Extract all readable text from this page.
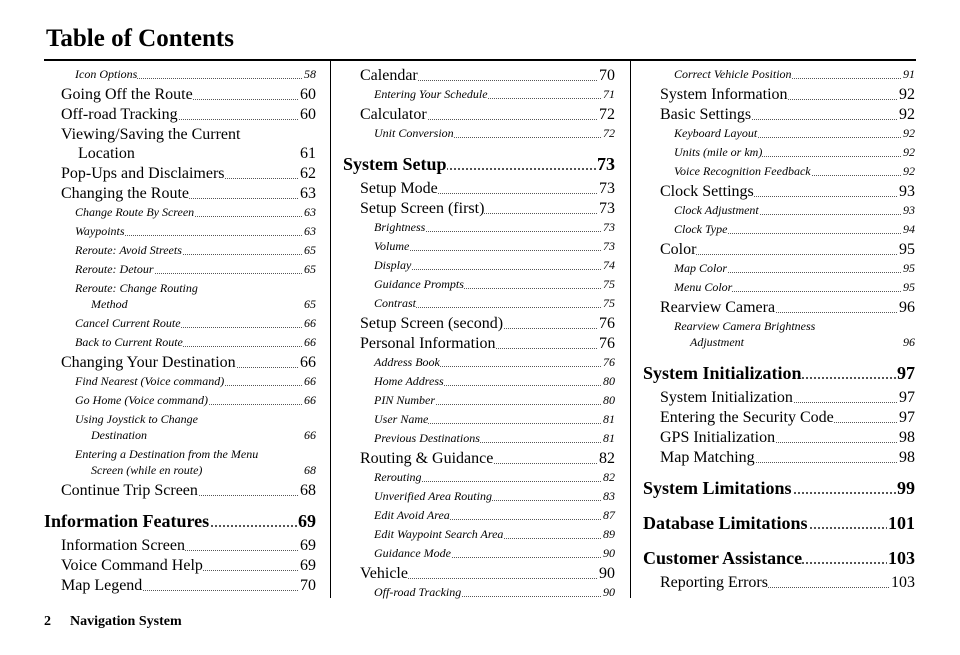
Table of Contents
Icon Options	58
Going Off the Route	60
Off-road Tracking	60
Viewing/Saving the Current
Location	61
Pop-Ups and Disclaimers	62
Changing the Route	63
Change Route By Screen	63
Waypoints	63
Reroute: Avoid Streets	65
Reroute: Detour	65
Reroute: Change Routing
Method	65
Cancel Current Route	66
Back to Current Route	66
Changing Your Destination	66
Find Nearest (Voice command)	66
Go Home (Voice command)	66
Using Joystick to Change
Destination	66
Entering a Destination from the Menu
Screen (while en route)	68
Continue Trip Screen	68
Information Features	69
Information Screen	69
Voice Command Help	69
Map Legend	70
Calendar	70
Entering Your Schedule	71
Calculator	72
Unit Conversion	72
System Setup	73
Setup Mode	73
Setup Screen (first)	73
Brightness	73
Volume	73
Display	74
Guidance Prompts	75
Contrast	75
Setup Screen (second)	76
Personal Information	76
Address Book	76
Home Address	80
PIN Number	80
User Name	81
Previous Destinations	81
Routing & Guidance	82
Rerouting	82
Unverified Area Routing	83
Edit Avoid Area	87
Edit Waypoint Search Area	89
Guidance Mode	90
Vehicle	90
Off-road Tracking	90
Correct Vehicle Position	91
System Information	92
Basic Settings	92
Keyboard Layout	92
Units (mile or km)	92
Voice Recognition Feedback	92
Clock Settings	93
Clock Adjustment	93
Clock Type	94
Color	95
Map Color	95
Menu Color	95
Rearview Camera	96
Rearview Camera Brightness
Adjustment	96
System Initialization	97
System Initialization	97
Entering the Security Code	97
GPS Initialization	98
Map Matching	98
System Limitations	99
Database Limitations	101
Customer Assistance	103
Reporting Errors	103
2 Navigation System
